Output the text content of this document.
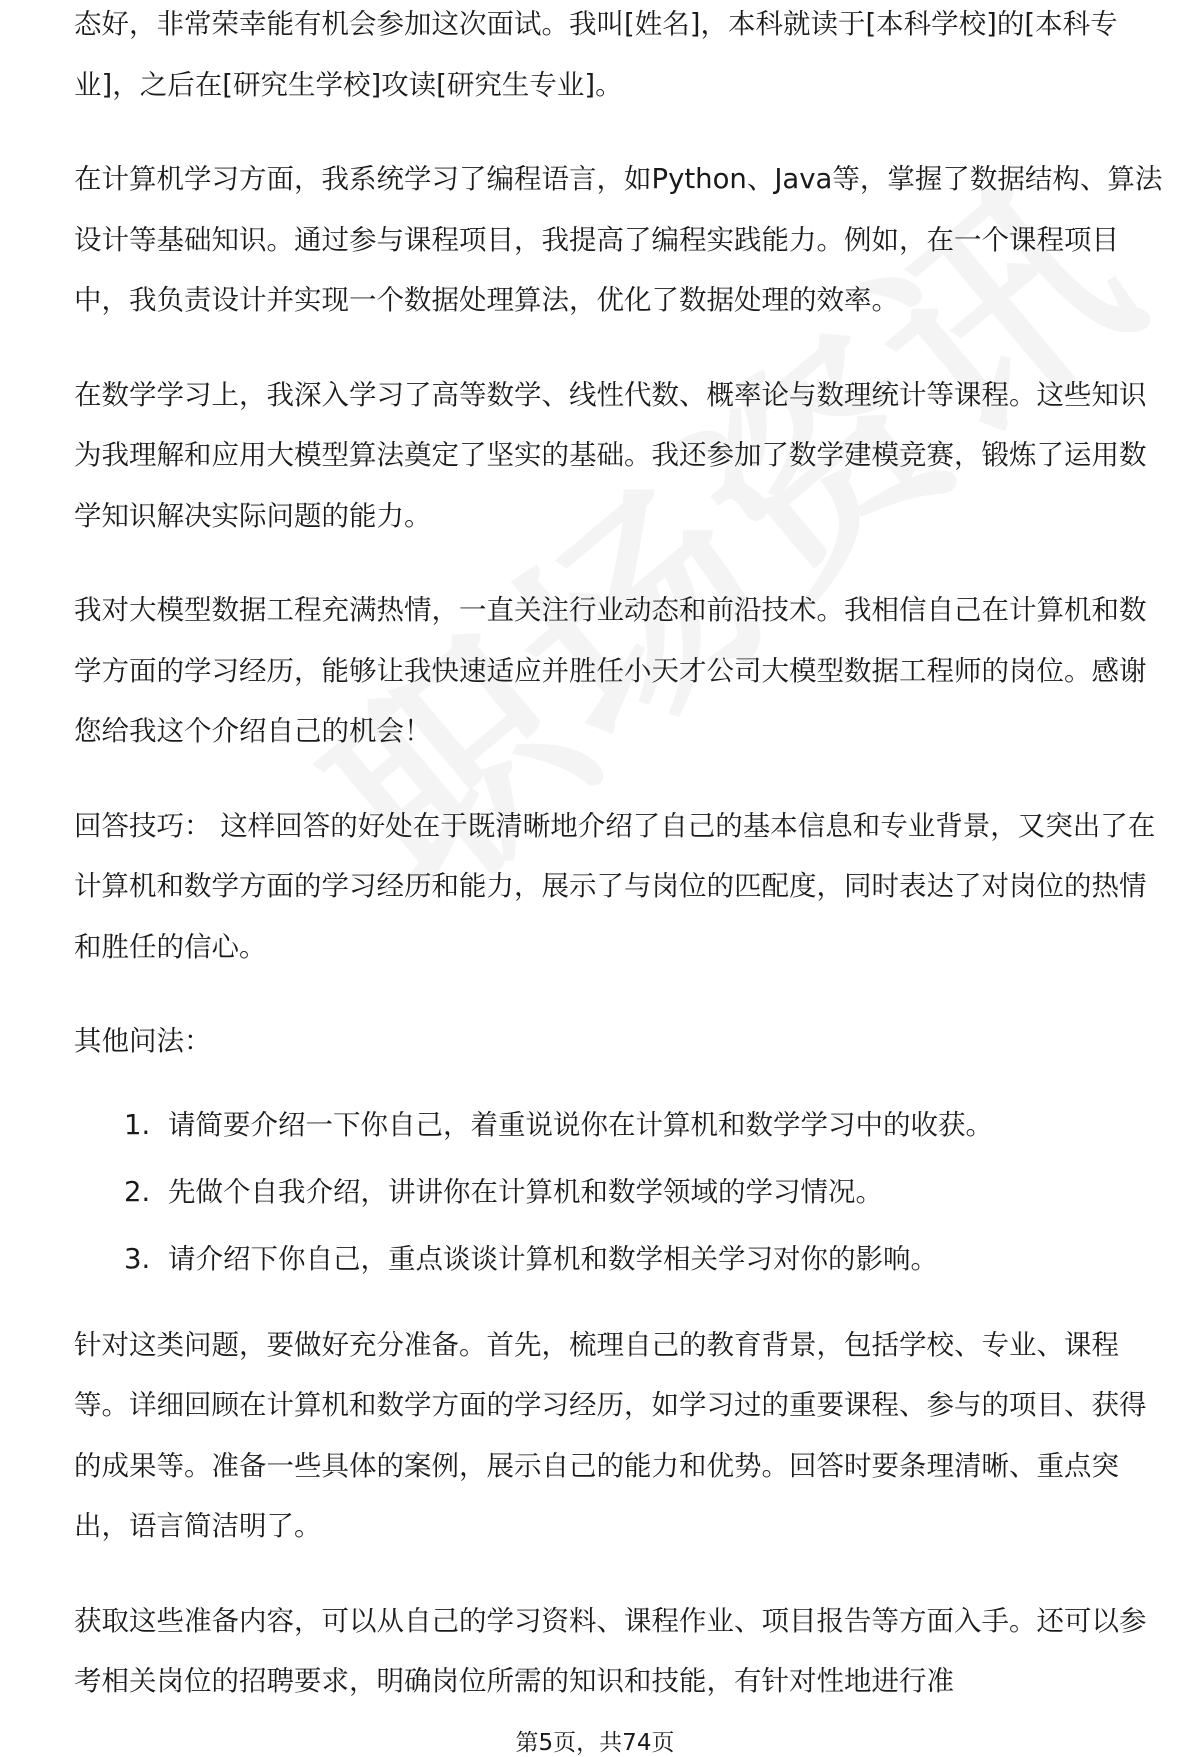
态好，非常荣幸能有机会参加这次面试。我叫[姓名]，本科就读于[本科学校]的[本科专业]，之后在[研究生学校]攻读[研究生专业]。

在计算机学习方面，我系统学习了编程语言，如Python、Java等，掌握了数据结构、算法设计等基础知识。通过参与课程项目，我提高了编程实践能力。例如，在一个课程项目中，我负责设计并实现一个数据处理算法，优化了数据处理的效率。

在数学学习上，我深入学习了高等数学、线性代数、概率论与数理统计等课程。这些知识为我理解和应用大模型算法奠定了坚实的基础。我还参加了数学建模竞赛，锻炼了运用数学知识解决实际问题的能力。

我对大模型数据工程充满热情，一直关注行业动态和前沿技术。我相信自己在计算机和数学方面的学习经历，能够让我快速适应并胜任小天才公司大模型数据工程师的岗位。感谢您给我这个介绍自己的机会！

回答技巧： 这样回答的好处在于既清晰地介绍了自己的基本信息和专业背景，又突出了在计算机和数学方面的学习经历和能力，展示了与岗位的匹配度，同时表达了对岗位的热情和胜任的信心。

其他问法：

1. 请简要介绍一下你自己，着重说说你在计算机和数学学习中的收获。
2. 先做个自我介绍，讲讲你在计算机和数学领域的学习情况。
3. 请介绍下你自己，重点谈谈计算机和数学相关学习对你的影响。

针对这类问题，要做好充分准备。首先，梳理自己的教育背景，包括学校、专业、课程等。详细回顾在计算机和数学方面的学习经历，如学习过的重要课程、参与的项目、获得的成果等。准备一些具体的案例，展示自己的能力和优势。回答时要条理清晰、重点突出，语言简洁明了。

获取这些准备内容，可以从自己的学习资料、课程作业、项目报告等方面入手。还可以参考相关岗位的招聘要求，明确岗位所需的知识和技能，有针对性地进行准

第5页，共74页
